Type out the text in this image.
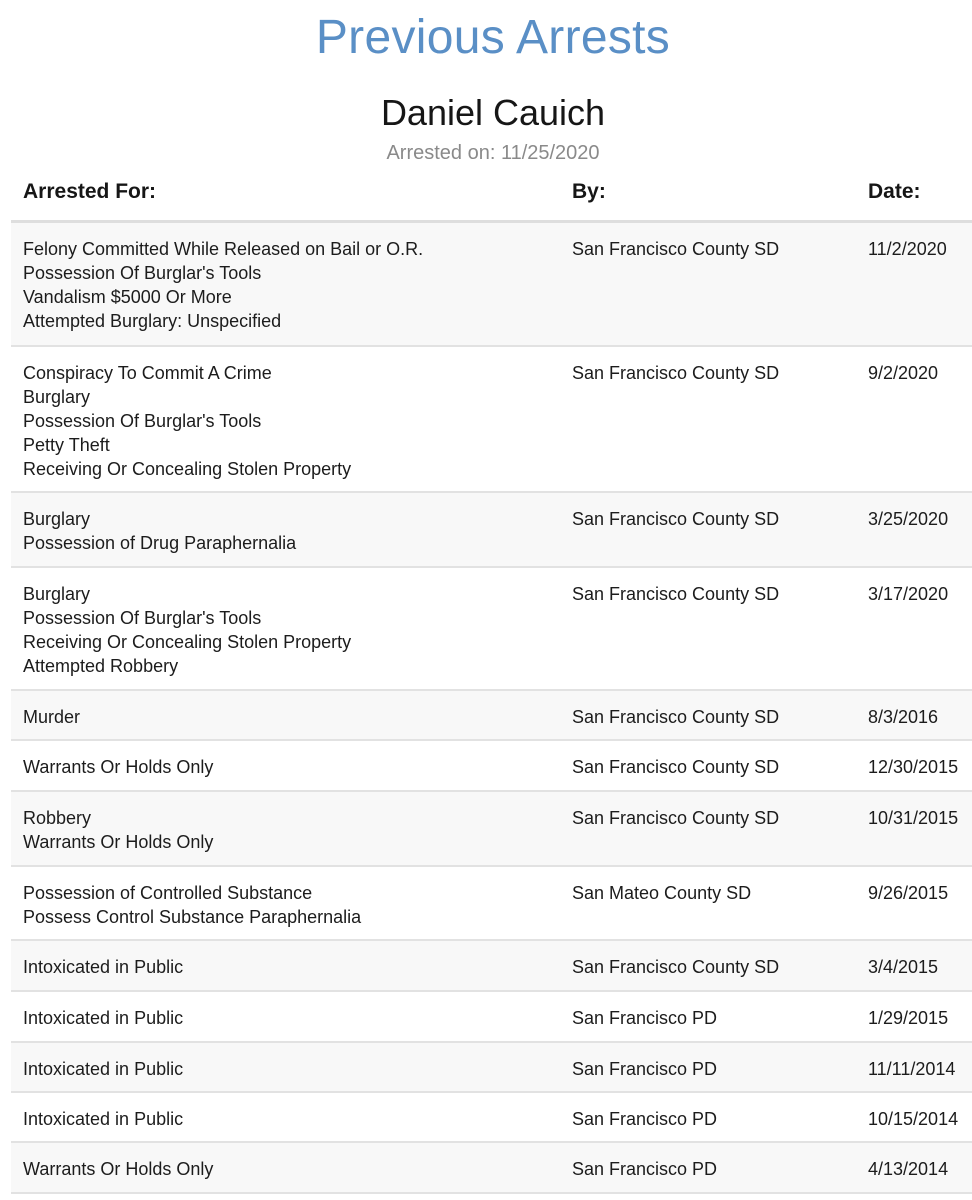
Previous Arrests
Daniel Cauich
Arrested on: 11/25/2020
Arrested For:	By:	Date:
Felony Committed While Released on Bail or O.R.
Possession Of Burglar's Tools
Vandalism $5000 Or More
Attempted Burglary: Unspecified
San Francisco County SD	11/2/2020
Conspiracy To Commit A Crime
Burglary
Possession Of Burglar's Tools
Petty Theft
Receiving Or Concealing Stolen Property
San Francisco County SD	9/2/2020
Burglary
Possession of Drug Paraphernalia
San Francisco County SD	3/25/2020
Burglary
Possession Of Burglar's Tools
Receiving Or Concealing Stolen Property
Attempted Robbery
San Francisco County SD	3/17/2020
Murder	San Francisco County SD	8/3/2016
Warrants Or Holds Only	San Francisco County SD	12/30/2015
Robbery
Warrants Or Holds Only
San Francisco County SD	10/31/2015
Possession of Controlled Substance
Possess Control Substance Paraphernalia
San Mateo County SD	9/26/2015
Intoxicated in Public	San Francisco County SD	3/4/2015
Intoxicated in Public	San Francisco PD	1/29/2015
Intoxicated in Public	San Francisco PD	11/11/2014
Intoxicated in Public	San Francisco PD	10/15/2014
Warrants Or Holds Only	San Francisco PD	4/13/2014
